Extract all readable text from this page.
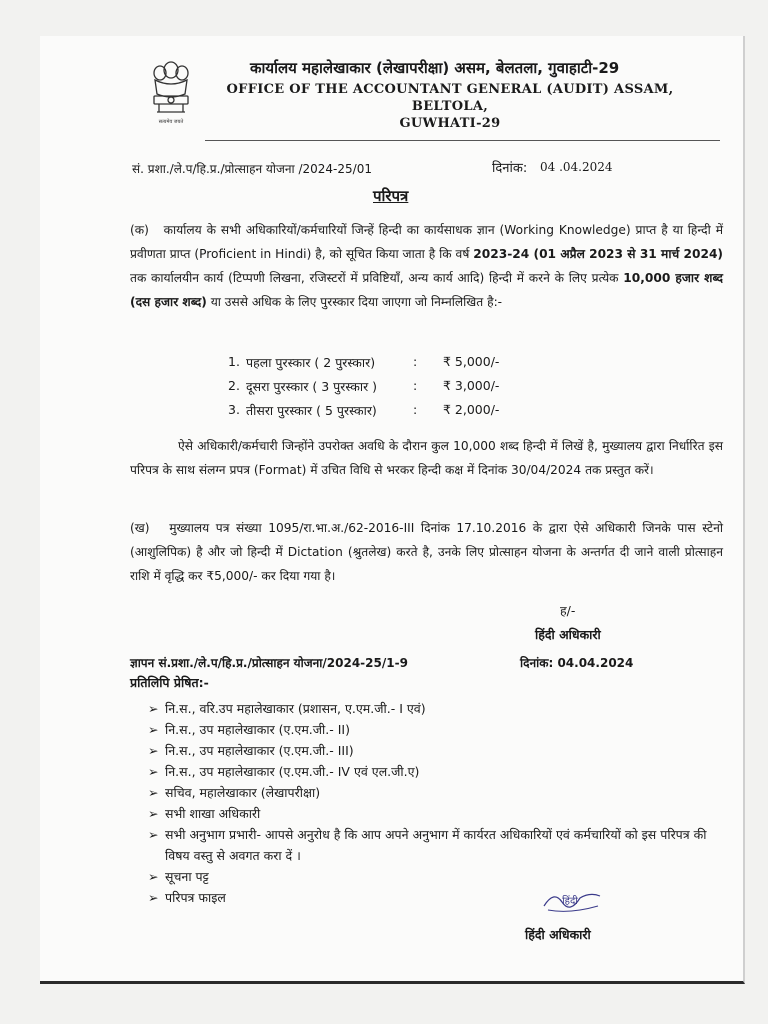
सत्यमेव जयते
कार्यालय महालेखाकार (लेखापरीक्षा) असम, बेलतला, गुवाहाटी-29
OFFICE OF THE ACCOUNTANT GENERAL (AUDIT) ASSAM, BELTOLA,
GUWHATI-29
सं. प्रशा./ले.प/हि.प्र./प्रोत्साहन योजना /2024-25/01	दिनांक: 04 .04.2024
परिपत्र
(क) कार्यालय के सभी अधिकारियों/कर्मचारियों जिन्हें हिन्दी का कार्यसाधक ज्ञान (Working Knowledge) प्राप्त है या हिन्दी में प्रवीणता प्राप्त (Proficient in Hindi) है, को सूचित किया जाता है कि वर्ष 2023-24 (01 अप्रैल 2023 से 31 मार्च 2024) तक कार्यालयीन कार्य (टिप्पणी लिखना, रजिस्टरों में प्रविष्टियाँ, अन्य कार्य आदि) हिन्दी में करने के लिए प्रत्येक 10,000 हजार शब्द (दस हजार शब्द) या उससे अधिक के लिए पुरस्कार दिया जाएगा जो निम्नलिखित है:-
1. पहला पुरस्कार ( 2 पुरस्कार)	: ₹ 5,000/-
2. दूसरा पुरस्कार ( 3 पुरस्कार )	: ₹ 3,000/-
3. तीसरा पुरस्कार ( 5 पुरस्कार)	: ₹ 2,000/-
ऐसे अधिकारी/कर्मचारी जिन्होंने उपरोक्त अवधि के दौरान कुल 10,000 शब्द हिन्दी में लिखें है, मुख्यालय द्वारा निर्धारित इस परिपत्र के साथ संलग्न प्रपत्र (Format) में उचित विधि से भरकर हिन्दी कक्ष में दिनांक 30/04/2024 तक प्रस्तुत करें।
(ख) मुख्यालय पत्र संख्या 1095/रा.भा.अ./62-2016-III दिनांक 17.10.2016 के द्वारा ऐसे अधिकारी जिनके पास स्टेनो (आशुलिपिक) है और जो हिन्दी में Dictation (श्रुतलेख) करते है, उनके लिए प्रोत्साहन योजना के अन्तर्गत दी जाने वाली प्रोत्साहन राशि में वृद्धि कर ₹5,000/- कर दिया गया है।
ह/-
हिंदी अधिकारी
ज्ञापन सं.प्रशा./ले.प/हि.प्र./प्रोत्साहन योजना/2024-25/1-9	दिनांक: 04.04.2024
प्रतिलिपि प्रेषित:-
➢ नि.स., वरि.उप महालेखाकार (प्रशासन, ए.एम.जी.- I एवं)
➢ नि.स., उप महालेखाकार (ए.एम.जी.- II)
➢ नि.स., उप महालेखाकार (ए.एम.जी.- III)
➢ नि.स., उप महालेखाकार (ए.एम.जी.- IV एवं एल.जी.ए)
➢ सचिव, महालेखाकार (लेखापरीक्षा)
➢ सभी शाखा अधिकारी
➢ सभी अनुभाग प्रभारी- आपसे अनुरोध है कि आप अपने अनुभाग में कार्यरत अधिकारियों एवं कर्मचारियों को इस परिपत्र की विषय वस्तु से अवगत करा दें ।
➢ सूचना पट्ट
➢ परिपत्र फाइल	हिंदी
हिंदी अधिकारी
